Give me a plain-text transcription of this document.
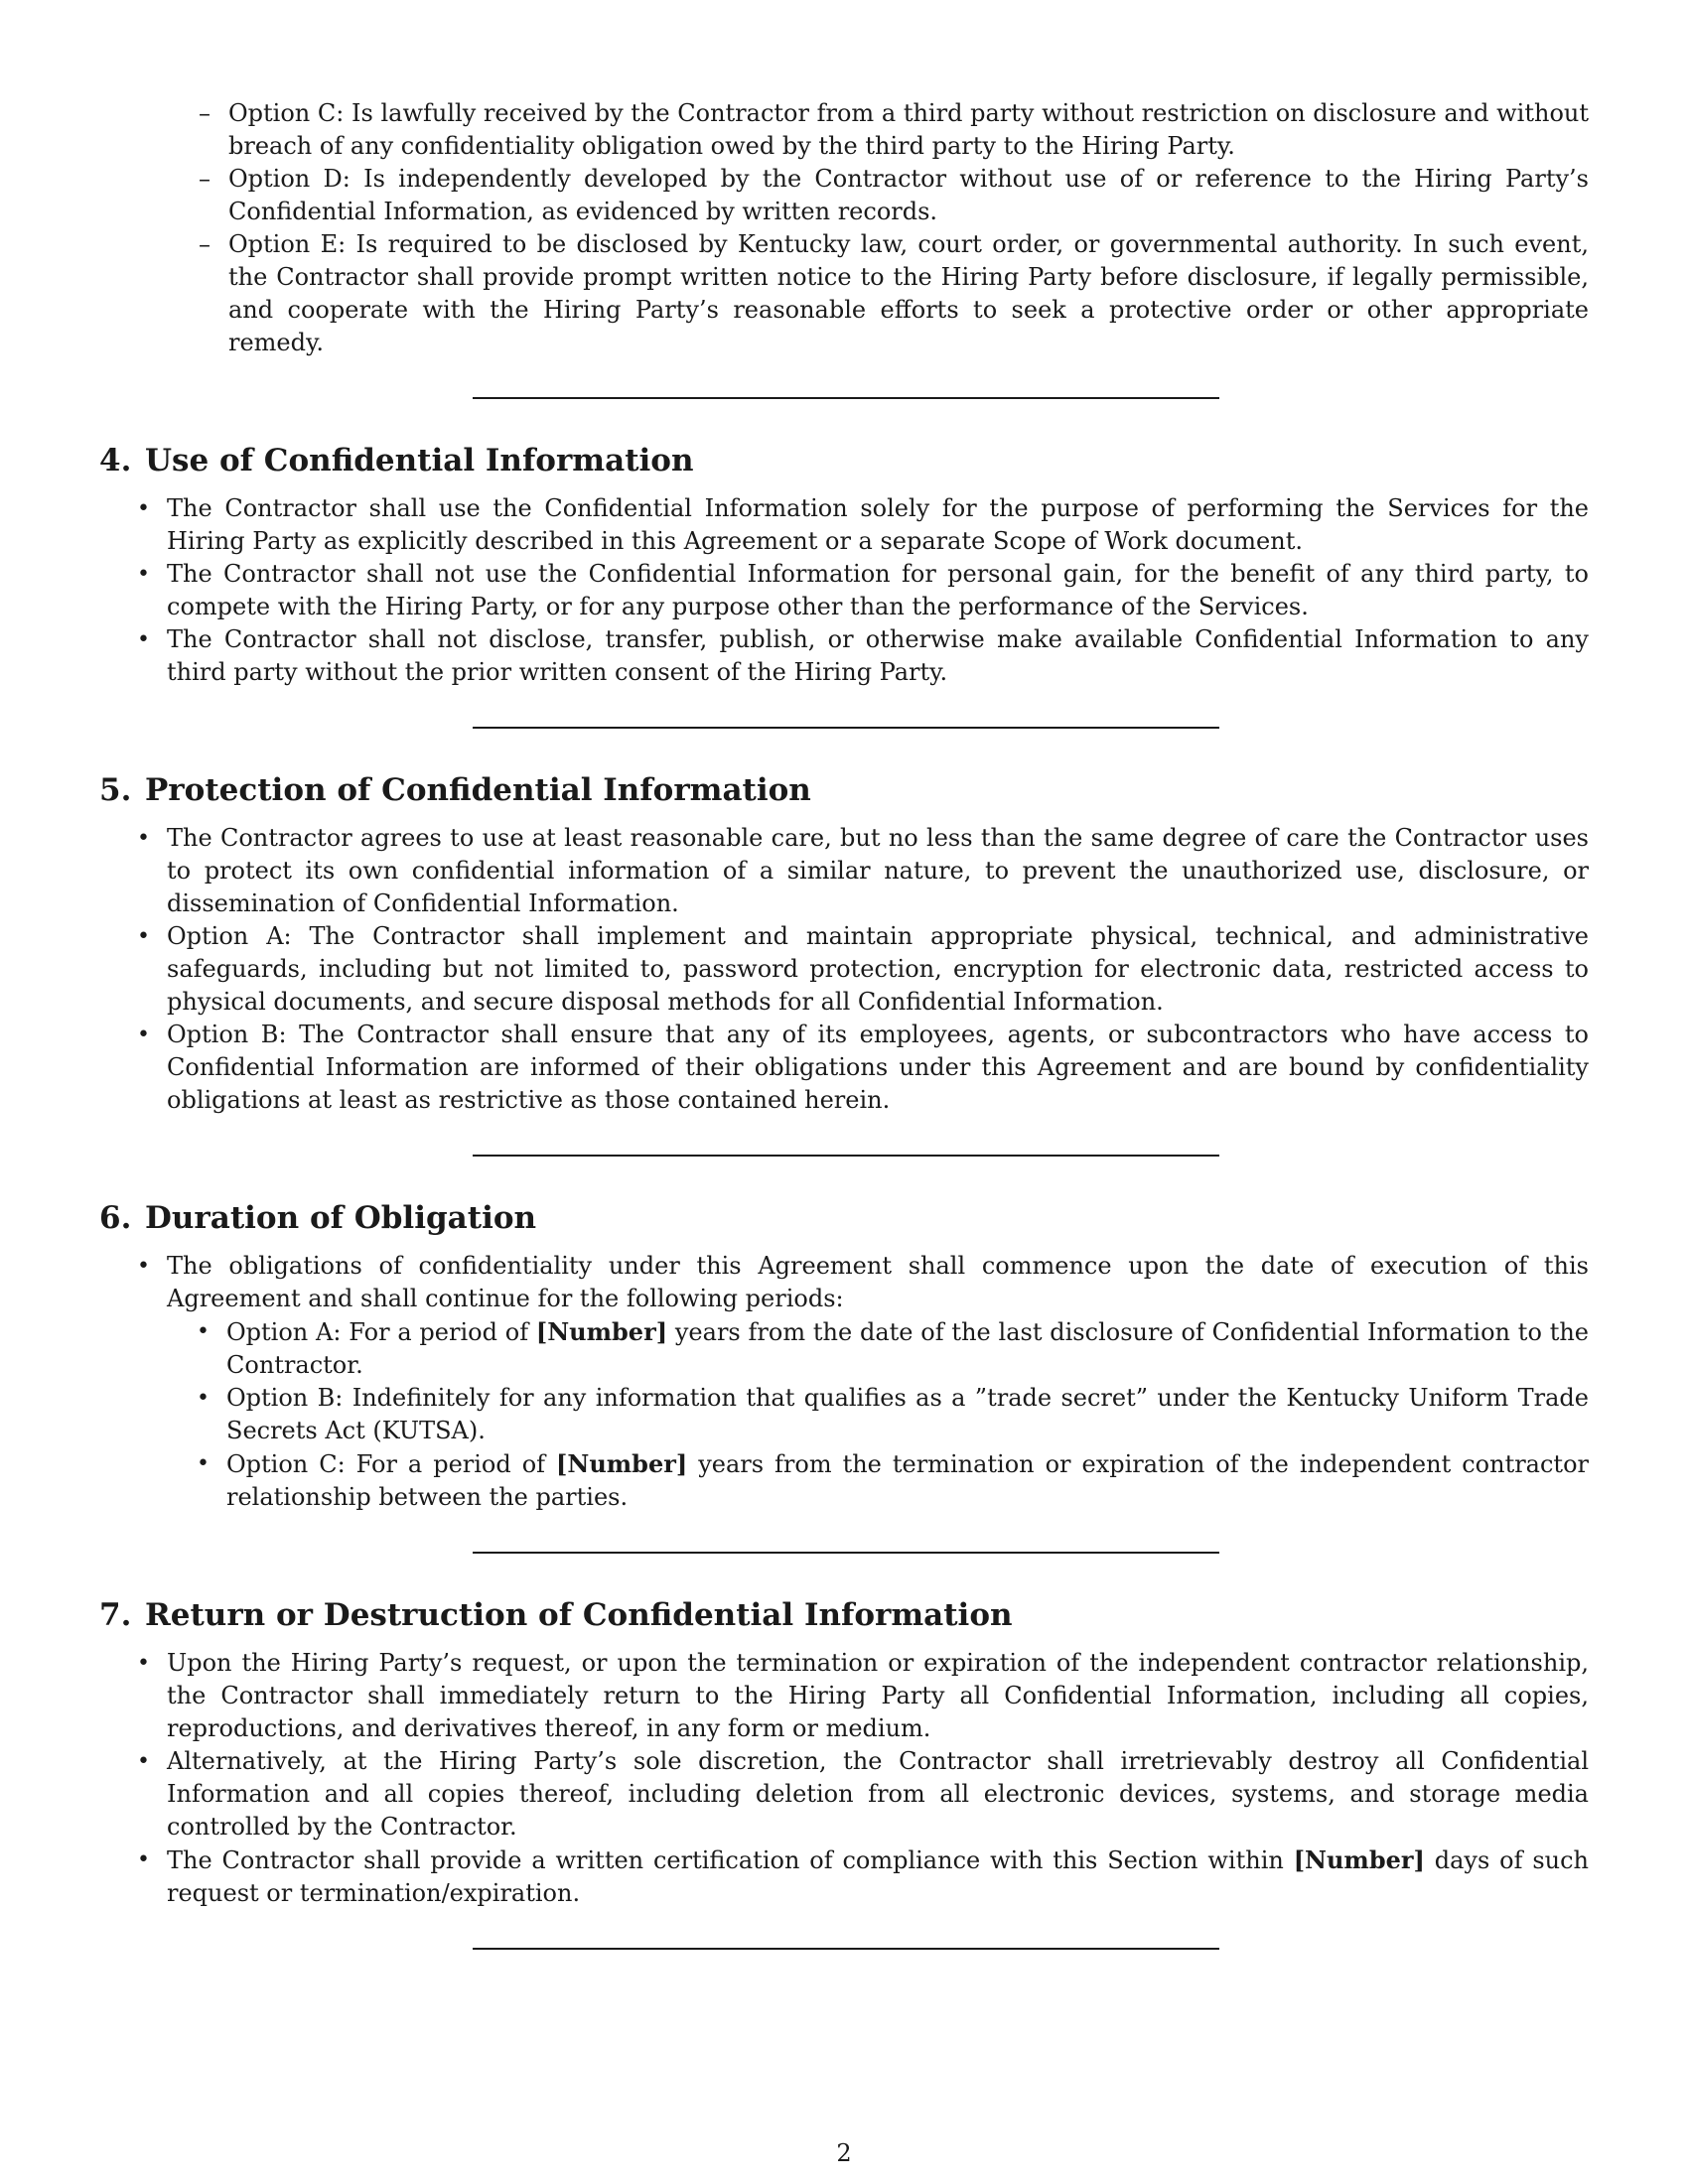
– Option C: Is lawfully received by the Contractor from a third party without restriction on disclosure and without breach of any confidentiality obligation owed by the third party to the Hiring Party.
– Option D: Is independently developed by the Contractor without use of or reference to the Hiring Party’s Confidential Information, as evidenced by written records.
– Option E: Is required to be disclosed by Kentucky law, court order, or governmental authority. In such event, the Contractor shall provide prompt written notice to the Hiring Party before disclosure, if legally permissible, and cooperate with the Hiring Party’s reasonable efforts to seek a protective order or other appropriate remedy.
4. Use of Confidential Information
• The Contractor shall use the Confidential Information solely for the purpose of performing the Services for the Hiring Party as explicitly described in this Agreement or a separate Scope of Work document.
• The Contractor shall not use the Confidential Information for personal gain, for the benefit of any third party, to compete with the Hiring Party, or for any purpose other than the performance of the Services.
• The Contractor shall not disclose, transfer, publish, or otherwise make available Confidential Information to any third party without the prior written consent of the Hiring Party.
5. Protection of Confidential Information
• The Contractor agrees to use at least reasonable care, but no less than the same degree of care the Contractor uses to protect its own confidential information of a similar nature, to prevent the unauthorized use, disclosure, or dissemination of Confidential Information.
• Option A: The Contractor shall implement and maintain appropriate physical, technical, and administrative safeguards, including but not limited to, password protection, encryption for electronic data, restricted access to physical documents, and secure disposal methods for all Confidential Information.
• Option B: The Contractor shall ensure that any of its employees, agents, or subcontractors who have access to Confidential Information are informed of their obligations under this Agreement and are bound by confidentiality obligations at least as restrictive as those contained herein.
6. Duration of Obligation
• The obligations of confidentiality under this Agreement shall commence upon the date of execution of this Agreement and shall continue for the following periods:
• Option A: For a period of [Number] years from the date of the last disclosure of Confidential Information to the Contractor.
• Option B: Indefinitely for any information that qualifies as a ”trade secret” under the Kentucky Uniform Trade Secrets Act (KUTSA).
• Option C: For a period of [Number] years from the termination or expiration of the independent contractor relationship between the parties.
7. Return or Destruction of Confidential Information
• Upon the Hiring Party’s request, or upon the termination or expiration of the independent contractor relationship, the Contractor shall immediately return to the Hiring Party all Confidential Information, including all copies, reproductions, and derivatives thereof, in any form or medium.
• Alternatively, at the Hiring Party’s sole discretion, the Contractor shall irretrievably destroy all Confidential Information and all copies thereof, including deletion from all electronic devices, systems, and storage media controlled by the Contractor.
• The Contractor shall provide a written certification of compliance with this Section within [Number] days of such request or termination/expiration.
2
